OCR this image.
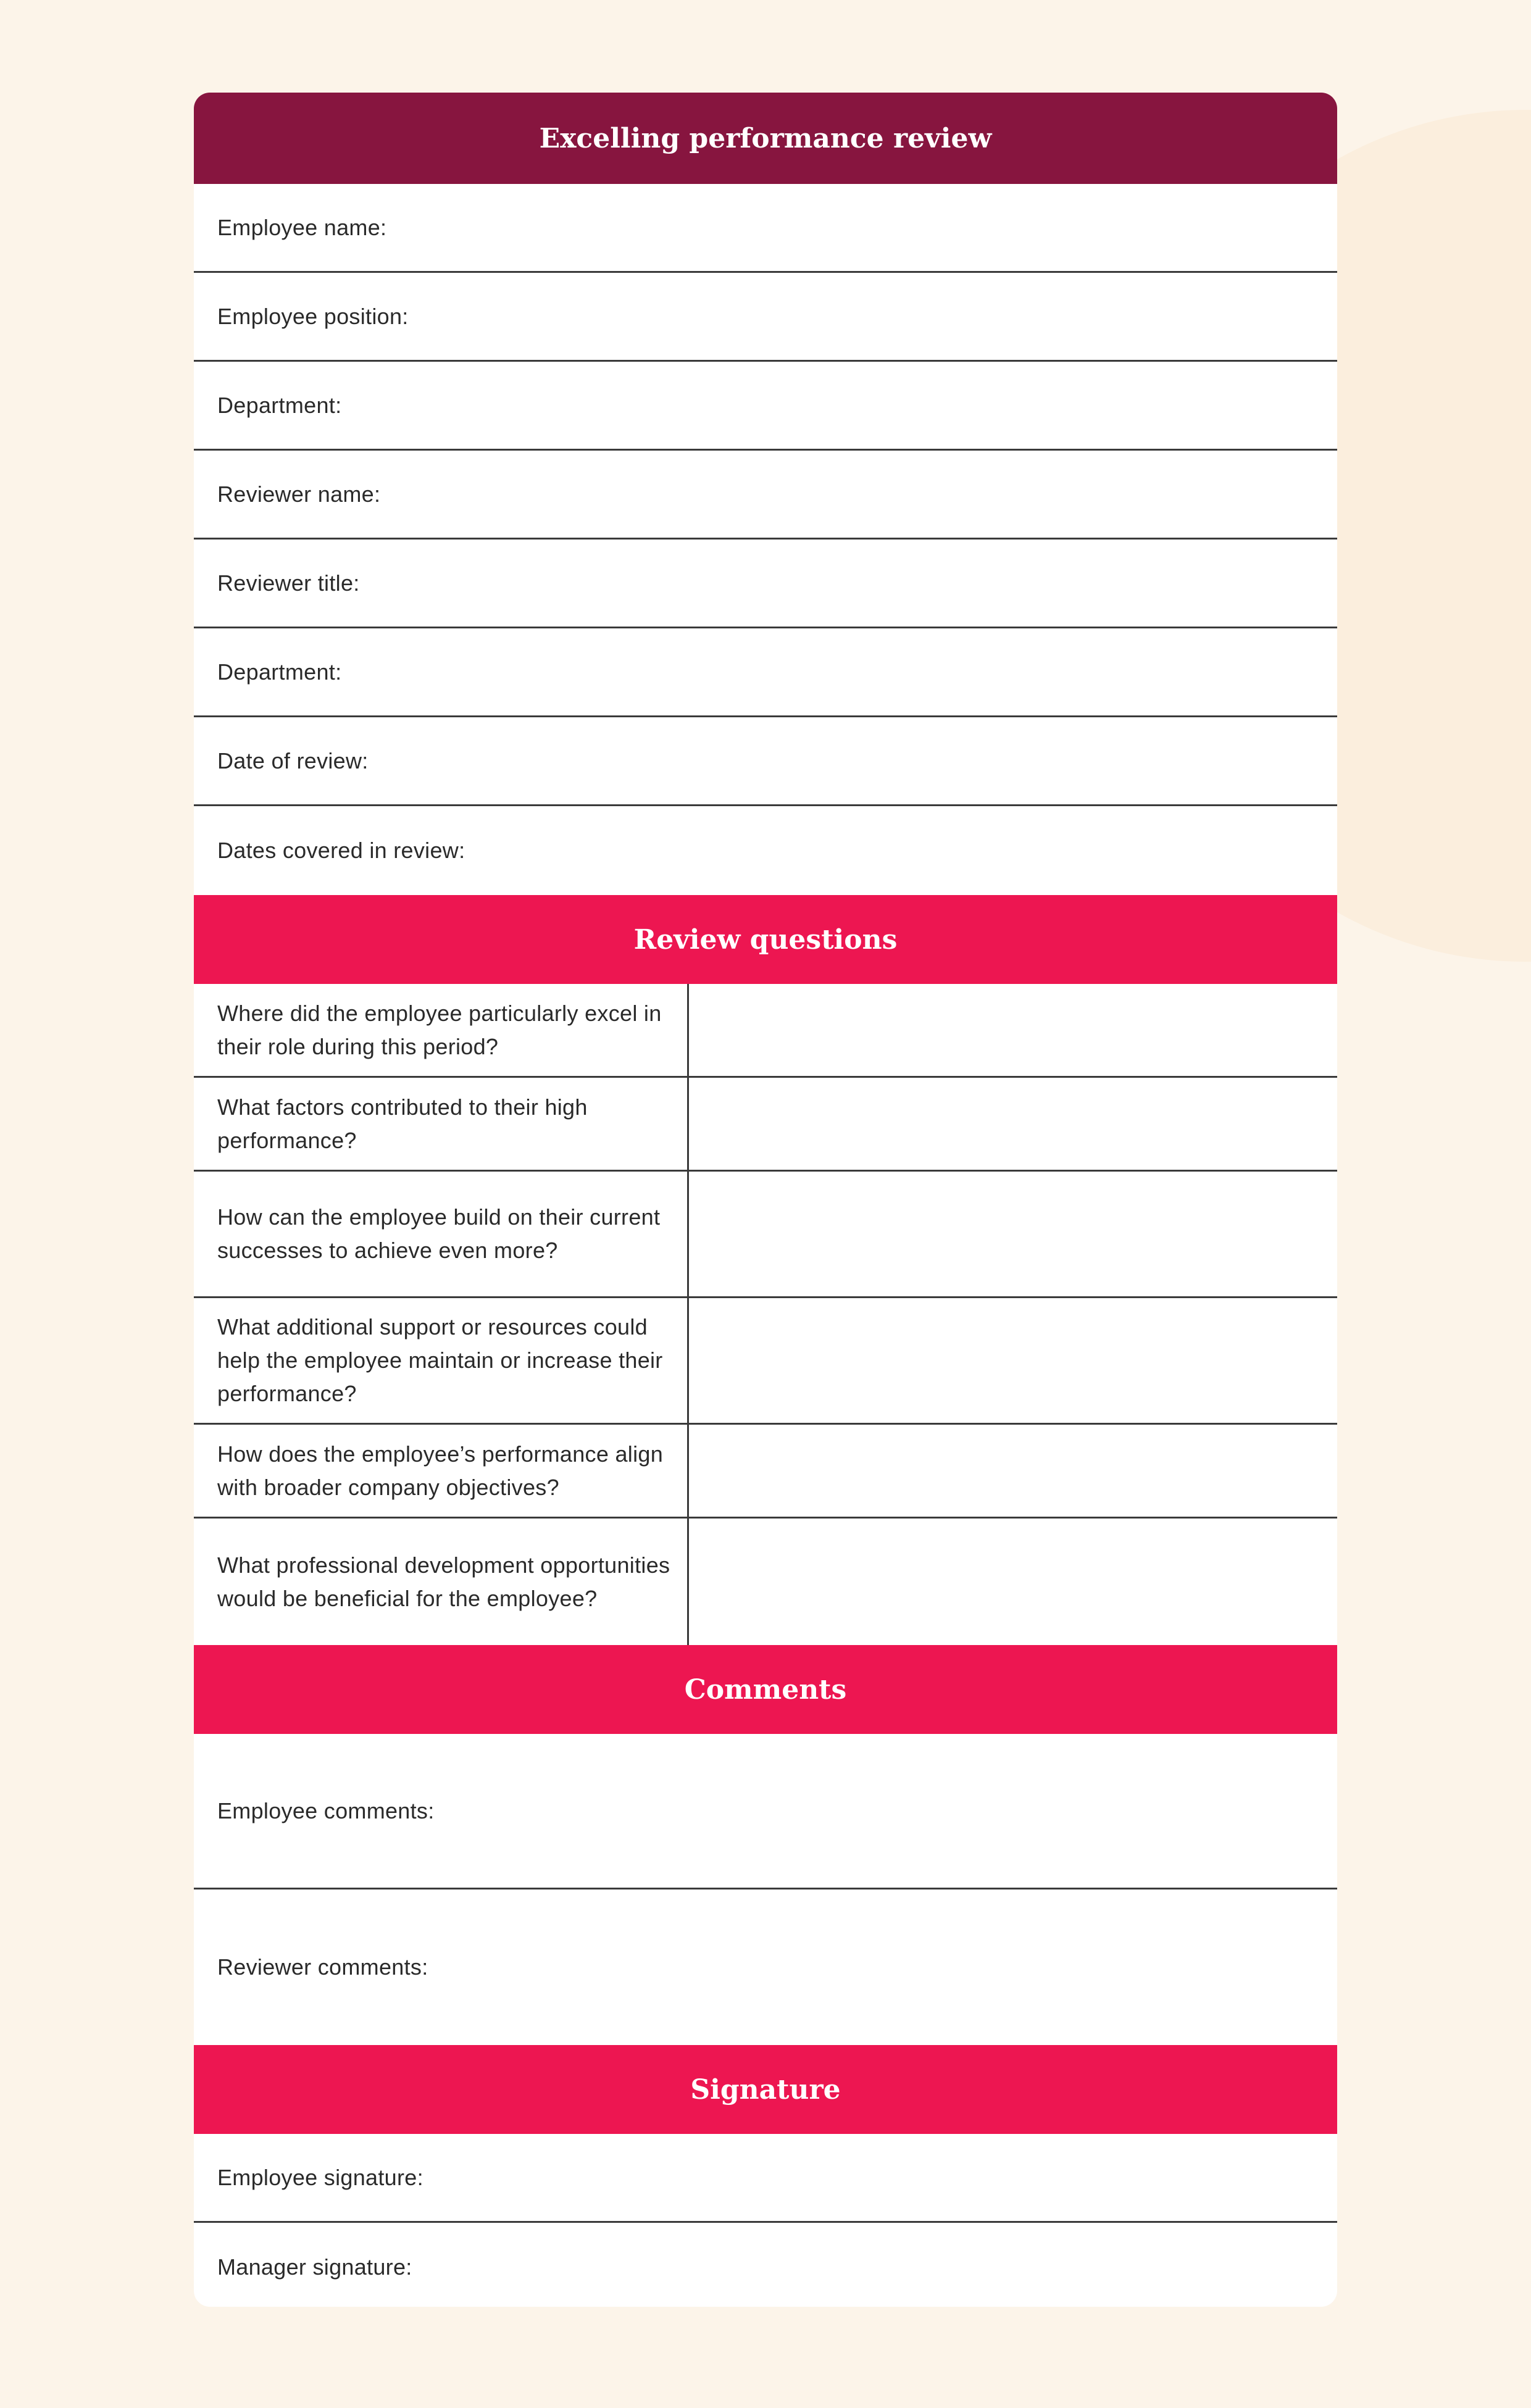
Excelling performance review
Employee name:
Employee position:
Department:
Reviewer name:
Reviewer title:
Department:
Date of review:
Dates covered in review:
Review questions
Where did the employee particularly excel in their role during this period?
What factors contributed to their high performance?
How can the employee build on their current successes to achieve even more?
What additional support or resources could help the employee maintain or increase their performance?
How does the employee’s performance align with broader company objectives?
What professional development opportunities would be beneficial for the employee?
Comments
Employee comments:
Reviewer comments:
Signature
Employee signature:
Manager signature:
